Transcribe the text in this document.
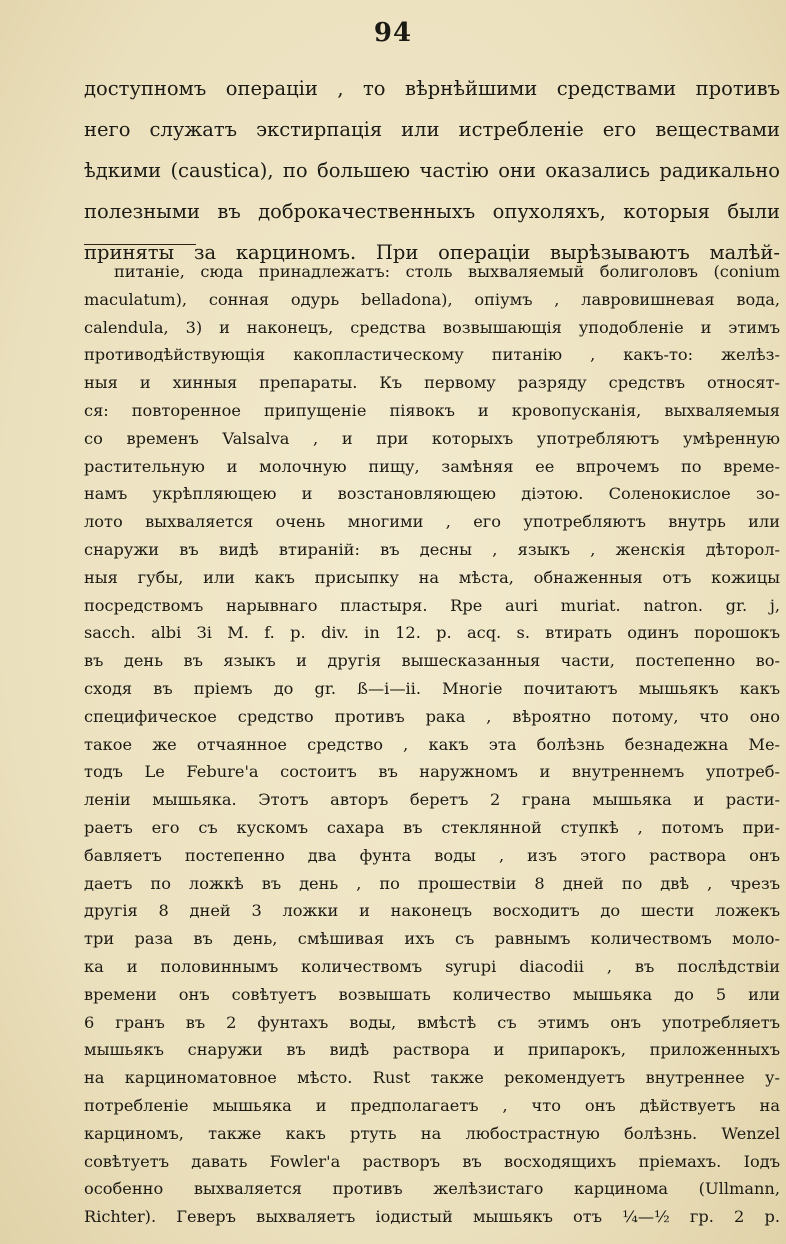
94
доступномъ операцiи , то вѣрнѣйшими средствами противъ
него служатъ экстирпацiя или истребленiе его веществами
ѣдкими (caustica), по большею частiю они оказались радикально
полезными въ доброкачественныхъ опухоляхъ, которыя были
приняты за карциномъ. При операцiи вырѣзываютъ малѣй-
питанiе, сюда принадлежатъ: столь выхваляемый болиголовъ (conium
maculatum), сонная одурь belladona), опiумъ , лавровишневая вода,
calendula, 3) и наконецъ, средства возвышающiя уподобленiе и этимъ
противодѣйствующiя какопластическому питанiю , какъ-то: желѣз-
ныя и хинныя препараты. Къ первому разряду средствъ относят-
ся: повторенное припущенiе пiявокъ и кровопусканiя, выхваляемыя
со временъ Valsalva , и при которыхъ употребляютъ умѣренную
растительную и молочную пищу, замѣняя ее впрочемъ по време-
намъ укрѣпляющею и возстановляющею дiэтою. Соленокислое зо-
лото выхваляется очень многими , его употребляютъ внутрь или
снаружи въ видѣ втиранiй: въ десны , языкъ , женскiя дѣторол-
ныя губы, или какъ присыпку на мѣста, обнаженныя отъ кожицы
посредствомъ нарывнаго пластыря. Rpe auri muriat. natron. gr. j,
sacch. albi Зi M. f. p. div. in 12. p. acq. s. втирать одинъ порошокъ
въ день въ языкъ и другiя вышесказанныя части, постепенно во-
сходя въ прiемъ до gr. ß—i—ii. Многiе почитаютъ мышьякъ какъ
специфическое средство противъ рака , вѣроятно потому, что оно
такое же отчаянное средство , какъ эта болѣзнь безнадежна Ме-
тодъ Le Febure'а состоитъ въ наружномъ и внутреннемъ употреб-
ленiи мышьяка. Этотъ авторъ беретъ 2 грана мышьяка и расти-
раетъ его съ кускомъ сахара въ стеклянной ступкѣ , потомъ при-
бавляетъ постепенно два фунта воды , изъ этого раствора онъ
даетъ по ложкѣ въ день , по прошествiи 8 дней по двѣ , чрезъ
другiя 8 дней 3 ложки и наконецъ восходитъ до шести ложекъ
три раза въ день, смѣшивая ихъ съ равнымъ количествомъ моло-
ка и половиннымъ количествомъ syrupi diacodii , въ послѣдствiи
времени онъ совѣтуетъ возвышать количество мышьяка до 5 или
6 гранъ въ 2 фунтахъ воды, вмѣстѣ съ этимъ онъ употребляетъ
мышьякъ снаружи въ видѣ раствора и припарокъ, приложенныхъ
на карциноматовное мѣсто. Rust также рекомендуетъ внутреннее у-
потребленiе мышьяка и предполагаетъ , что онъ дѣйствуетъ на
карциномъ, также какъ ртуть на любострастную болѣзнь. Wenzel
совѣтуетъ давать Fowler'а растворъ въ восходящихъ прiемахъ. Iодъ
особенно выхваляется противъ желѣзистаго карцинома (Ullmann,
Richter). Геверъ выхваляетъ iодистый мышьякъ отъ ¼—½ гр. 2 р.
